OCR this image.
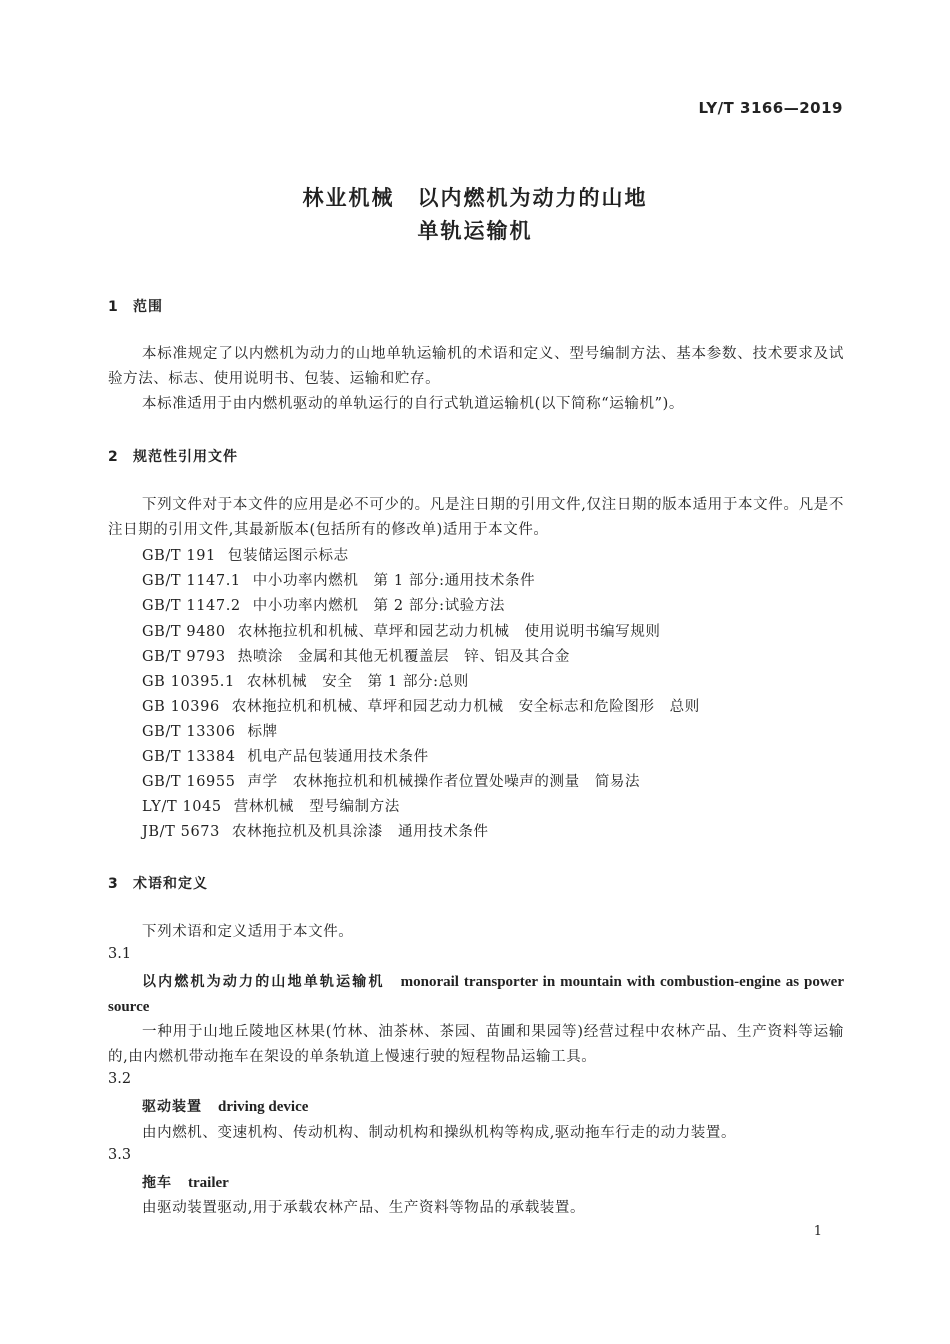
LY/T 3166—2019
林业机械　以内燃机为动力的山地
单轨运输机
1 范围
本标准规定了以内燃机为动力的山地单轨运输机的术语和定义、型号编制方法、基本参数、技术要求及试验方法、标志、使用说明书、包装、运输和贮存。
本标准适用于由内燃机驱动的单轨运行的自行式轨道运输机(以下简称“运输机”)。
2 规范性引用文件
下列文件对于本文件的应用是必不可少的。凡是注日期的引用文件,仅注日期的版本适用于本文件。凡是不注日期的引用文件,其最新版本(包括所有的修改单)适用于本文件。
GB/T 191 包装储运图示标志
GB/T 1147.1 中小功率内燃机　第 1 部分:通用技术条件
GB/T 1147.2 中小功率内燃机　第 2 部分:试验方法
GB/T 9480 农林拖拉机和机械、草坪和园艺动力机械　使用说明书编写规则
GB/T 9793 热喷涂　金属和其他无机覆盖层　锌、铝及其合金
GB 10395.1 农林机械　安全　第 1 部分:总则
GB 10396 农林拖拉机和机械、草坪和园艺动力机械　安全标志和危险图形　总则
GB/T 13306 标牌
GB/T 13384 机电产品包装通用技术条件
GB/T 16955 声学　农林拖拉机和机械操作者位置处噪声的测量　简易法
LY/T 1045 营林机械　型号编制方法
JB/T 5673 农林拖拉机及机具涂漆　通用技术条件
3 术语和定义
下列术语和定义适用于本文件。
3.1
以内燃机为动力的山地单轨运输机 monorail transporter in mountain with combustion-engine as power source
一种用于山地丘陵地区林果(竹林、油茶林、茶园、苗圃和果园等)经营过程中农林产品、生产资料等运输的,由内燃机带动拖车在架设的单条轨道上慢速行驶的短程物品运输工具。
3.2
驱动装置 driving device
由内燃机、变速机构、传动机构、制动机构和操纵机构等构成,驱动拖车行走的动力装置。
3.3
拖车 trailer
由驱动装置驱动,用于承载农林产品、生产资料等物品的承载装置。
1
